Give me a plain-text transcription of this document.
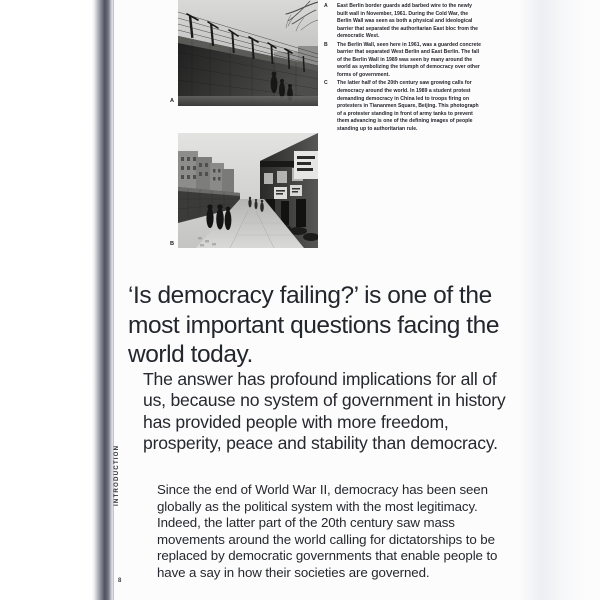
A
B
A	East Berlin border guards add barbed wire to the newly built wall in November, 1961. During the Cold War, the Berlin Wall was seen as both a physical and ideological barrier that separated the authoritarian East bloc from the democratic West.
B	The Berlin Wall, seen here in 1961, was a guarded concrete barrier that separated West Berlin and East Berlin. The fall of the Berlin Wall in 1989 was seen by many around the world as symbolizing the triumph of democracy over other forms of government.
C	The latter half of the 20th century saw growing calls for democracy around the world. In 1989 a student protest demanding democracy in China led to troops firing on protesters in Tiananmen Square, Beijing. This photograph of a protester standing in front of army tanks to prevent them advancing is one of the defining images of people standing up to authoritarian rule.
‘Is democracy failing?’ is one of the most important questions facing the world today.
The answer has profound implications for all of us, because no system of government in history has provided people with more freedom, prosperity, peace and stability than democracy.
Since the end of World War II, democracy has been seen globally as the political system with the most legitimacy. Indeed, the latter part of the 20th century saw mass movements around the world calling for dictatorships to be replaced by democratic governments that enable people to have a say in how their societies are governed.
INTRODUCTION
8
